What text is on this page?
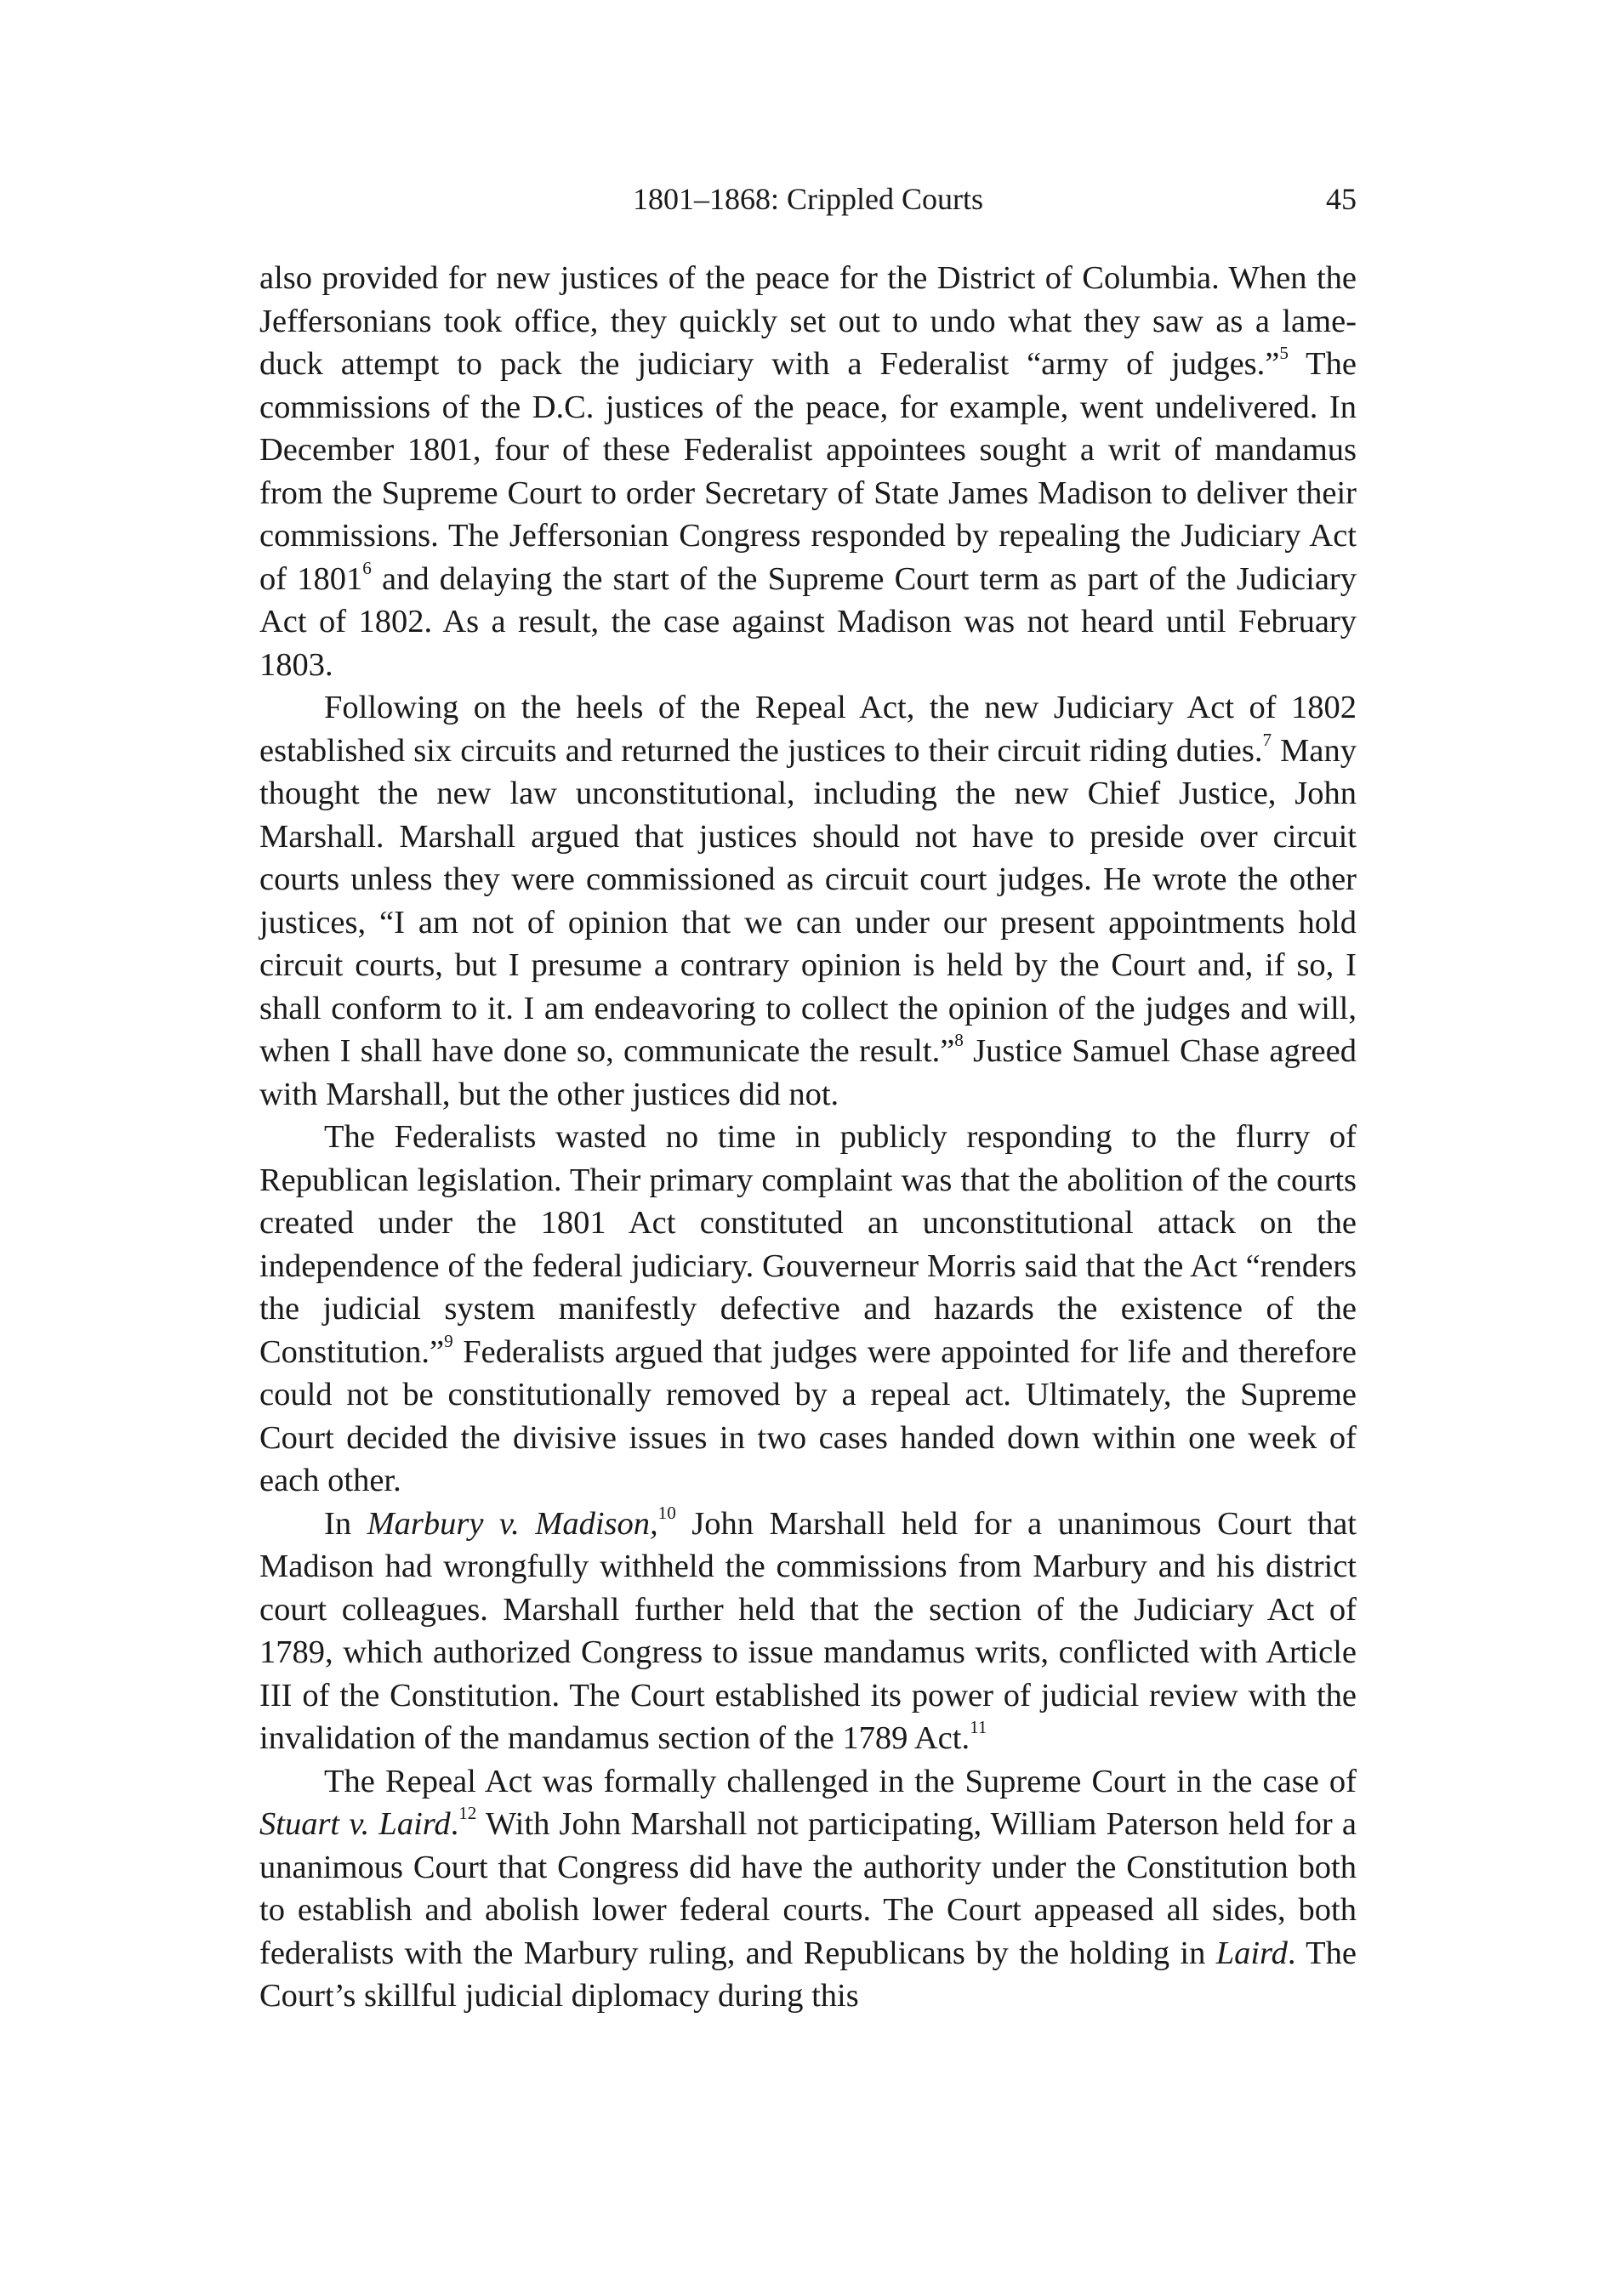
1801–1868: Crippled Courts	45

also provided for new justices of the peace for the District of Columbia. When the Jeffersonians took office, they quickly set out to undo what they saw as a lame-duck attempt to pack the judiciary with a Federalist “army of judges.”$^5$ The commissions of the D.C. justices of the peace, for example, went undelivered. In December 1801, four of these Federalist appointees sought a writ of mandamus from the Supreme Court to order Secretary of State James Madison to deliver their commissions. The Jeffersonian Congress responded by repealing the Judiciary Act of 1801$^6$ and delaying the start of the Supreme Court term as part of the Judiciary Act of 1802. As a result, the case against Madison was not heard until February 1803.

Following on the heels of the Repeal Act, the new Judiciary Act of 1802 established six circuits and returned the justices to their circuit riding duties.$^7$ Many thought the new law unconstitutional, including the new Chief Justice, John Marshall. Marshall argued that justices should not have to preside over circuit courts unless they were commissioned as circuit court judges. He wrote the other justices, “I am not of opinion that we can under our present appointments hold circuit courts, but I presume a contrary opinion is held by the Court and, if so, I shall conform to it. I am endeavoring to collect the opinion of the judges and will, when I shall have done so, communicate the result.”$^8$ Justice Samuel Chase agreed with Marshall, but the other justices did not.

The Federalists wasted no time in publicly responding to the flurry of Republican legislation. Their primary complaint was that the abolition of the courts created under the 1801 Act constituted an unconstitutional attack on the independence of the federal judiciary. Gouverneur Morris said that the Act “renders the judicial system manifestly defective and hazards the existence of the Constitution.”$^9$ Federalists argued that judges were appointed for life and therefore could not be constitutionally removed by a repeal act. Ultimately, the Supreme Court decided the divisive issues in two cases handed down within one week of each other.

In Marbury v. Madison,$^{10}$ John Marshall held for a unanimous Court that Madison had wrongfully withheld the commissions from Marbury and his district court colleagues. Marshall further held that the section of the Judiciary Act of 1789, which authorized Congress to issue mandamus writs, conflicted with Article III of the Constitution. The Court established its power of judicial review with the invalidation of the mandamus section of the 1789 Act.$^{11}$

The Repeal Act was formally challenged in the Supreme Court in the case of Stuart v. Laird.$^{12}$ With John Marshall not participating, William Paterson held for a unanimous Court that Congress did have the authority under the Constitution both to establish and abolish lower federal courts. The Court appeased all sides, both federalists with the Marbury ruling, and Republicans by the holding in Laird. The Court’s skillful judicial diplomacy during this
